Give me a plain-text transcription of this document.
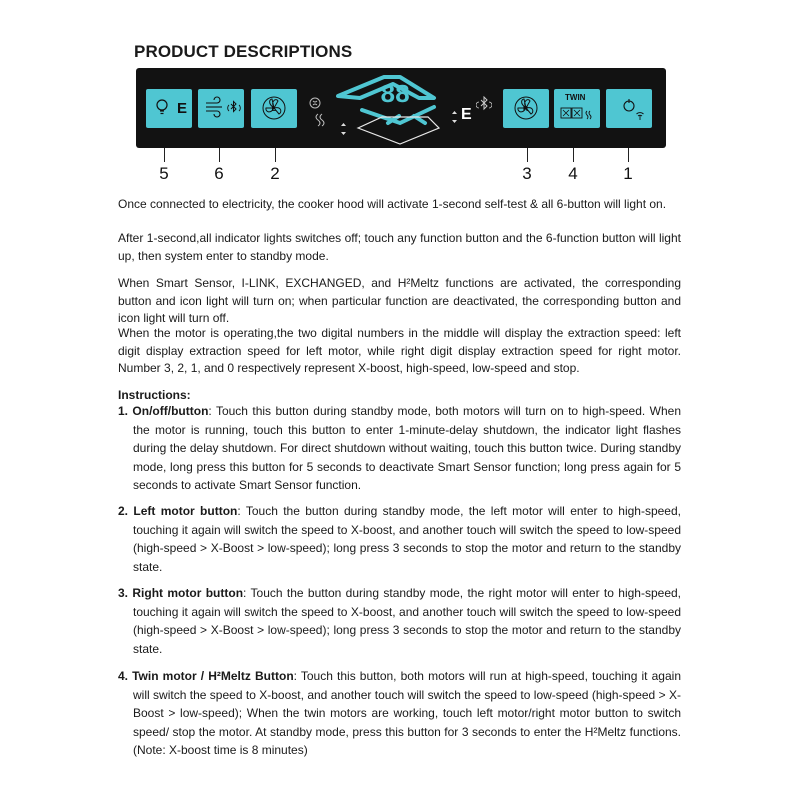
PRODUCT DESCRIPTIONS
E	L	88
E	R
TWIN
5	6	2	3	4	1
Once connected to electricity, the cooker hood will activate 1-second self-test & all 6-button will light on.
After 1-second,all indicator lights switches off; touch any function button and the 6-function button will light up, then system enter to standby mode.
When Smart Sensor, I-LINK, EXCHANGED, and H²Meltz functions are activated, the corresponding button and icon light will turn on; when particular function are deactivated, the corresponding button and icon light will turn off.
When the motor is operating,the two digital numbers in the middle will display the extraction speed: left digit display extraction speed for left motor, while right digit display extraction speed for right motor. Number 3, 2, 1, and 0 respectively represent X-boost, high-speed, low-speed and stop.
Instructions:
1. On/off/button: Touch this button during standby mode, both motors will turn on to high-speed. When the motor is running, touch this button to enter 1-minute-delay shutdown, the indicator light flashes during the delay shutdown. For direct shutdown without waiting, touch this button twice. During standby mode, long press this button for 5 seconds to deactivate Smart Sensor function; long press again for 5 seconds to activate Smart Sensor function.
2. Left motor button: Touch the button during standby mode, the left motor will enter to high-speed, touching it again will switch the speed to X-boost, and another touch will switch the speed to low-speed (high-speed > X-Boost > low-speed); long press 3 seconds to stop the motor and return to the standby state.
3. Right motor button: Touch the button during standby mode, the right motor will enter to high-speed, touching it again will switch the speed to X-boost, and another touch will switch the speed to low-speed (high-speed > X-Boost > low-speed); long press 3 seconds to stop the motor and return to the standby state.
4. Twin motor / H²Meltz Button: Touch this button, both motors will run at high-speed, touching it again will switch the speed to X-boost, and another touch will switch the speed to low-speed (high-speed > X-Boost > low-speed); When the twin motors are working, touch left motor/right motor button to switch speed/ stop the motor. At standby mode, press this button for 3 seconds to enter the H²Meltz functions. (Note: X-boost time is 8 minutes)
